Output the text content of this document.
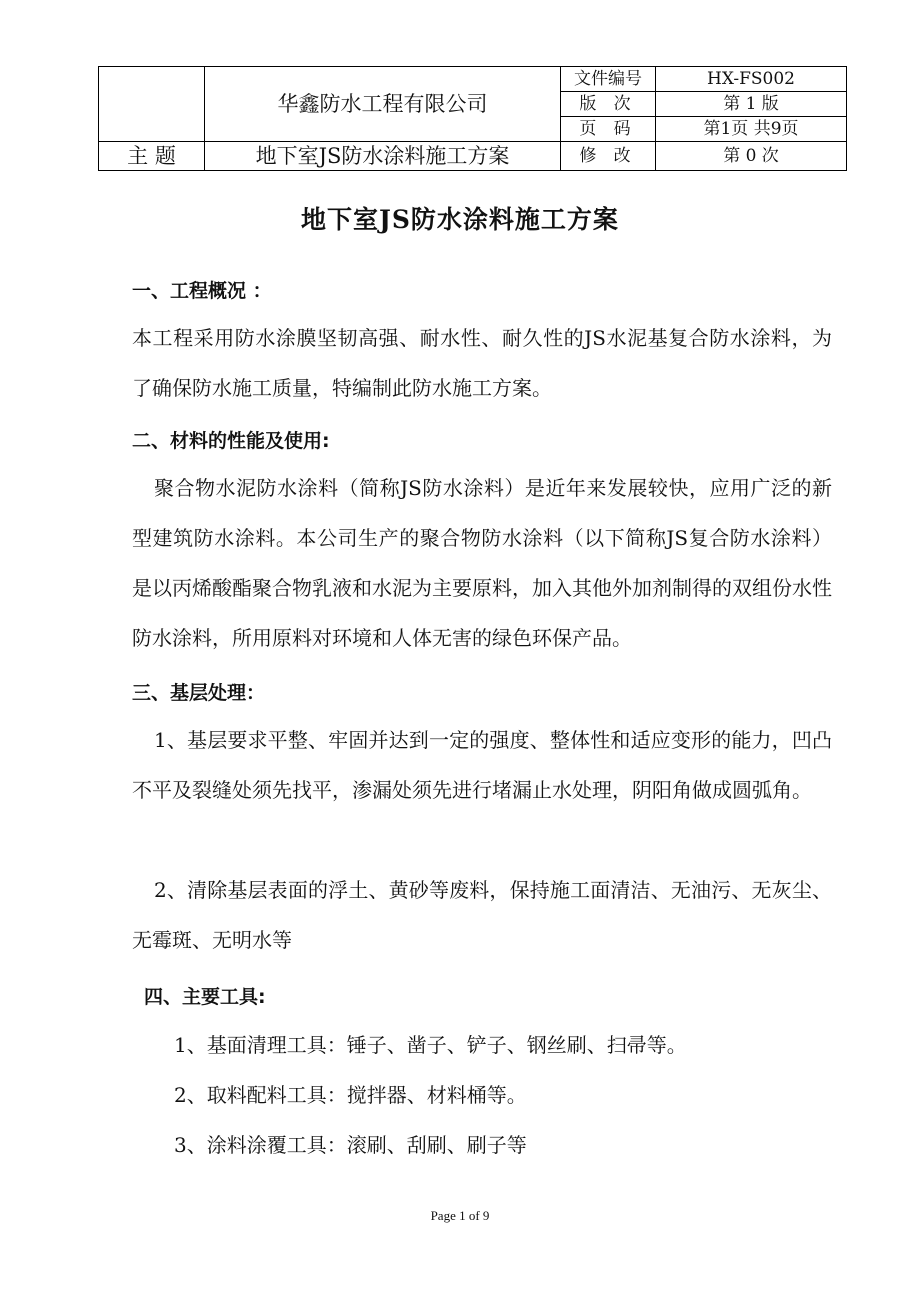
	华鑫防水工程有限公司	文件编号	HX-FS002
		版 次	第 1 版
		页 码	第1页 共9页
主 题	地下室JS防水涂料施工方案	修 改	第 0 次
地下室JS防水涂料施工方案
一、工程概况 ：

本工程采用防水涂膜坚韧高强、耐水性、耐久性的JS水泥基复合防水涂料，为了确保防水施工质量，特编制此防水施工方案。

二、材料的性能及使用:

聚合物水泥防水涂料（简称JS防水涂料）是近年来发展较快，应用广泛的新型建筑防水涂料。本公司生产的聚合物防水涂料（以下简称JS复合防水涂料）是以丙烯酸酯聚合物乳液和水泥为主要原料，加入其他外加剂制得的双组份水性防水涂料，所用原料对环境和人体无害的绿色环保产品。

三、基层处理：

1、基层要求平整、牢固并达到一定的强度、整体性和适应变形的能力，凹凸不平及裂缝处须先找平，渗漏处须先进行堵漏止水处理，阴阳角做成圆弧角。

2、清除基层表面的浮土、黄砂等废料，保持施工面清洁、无油污、无灰尘、无霉斑、无明水等

四、主要工具:
1、基面清理工具：锤子、凿子、铲子、钢丝刷、扫帚等。
2、取料配料工具：搅拌器、材料桶等。
3、涂料涂覆工具：滚刷、刮刷、刷子等
Page 1 of 9
